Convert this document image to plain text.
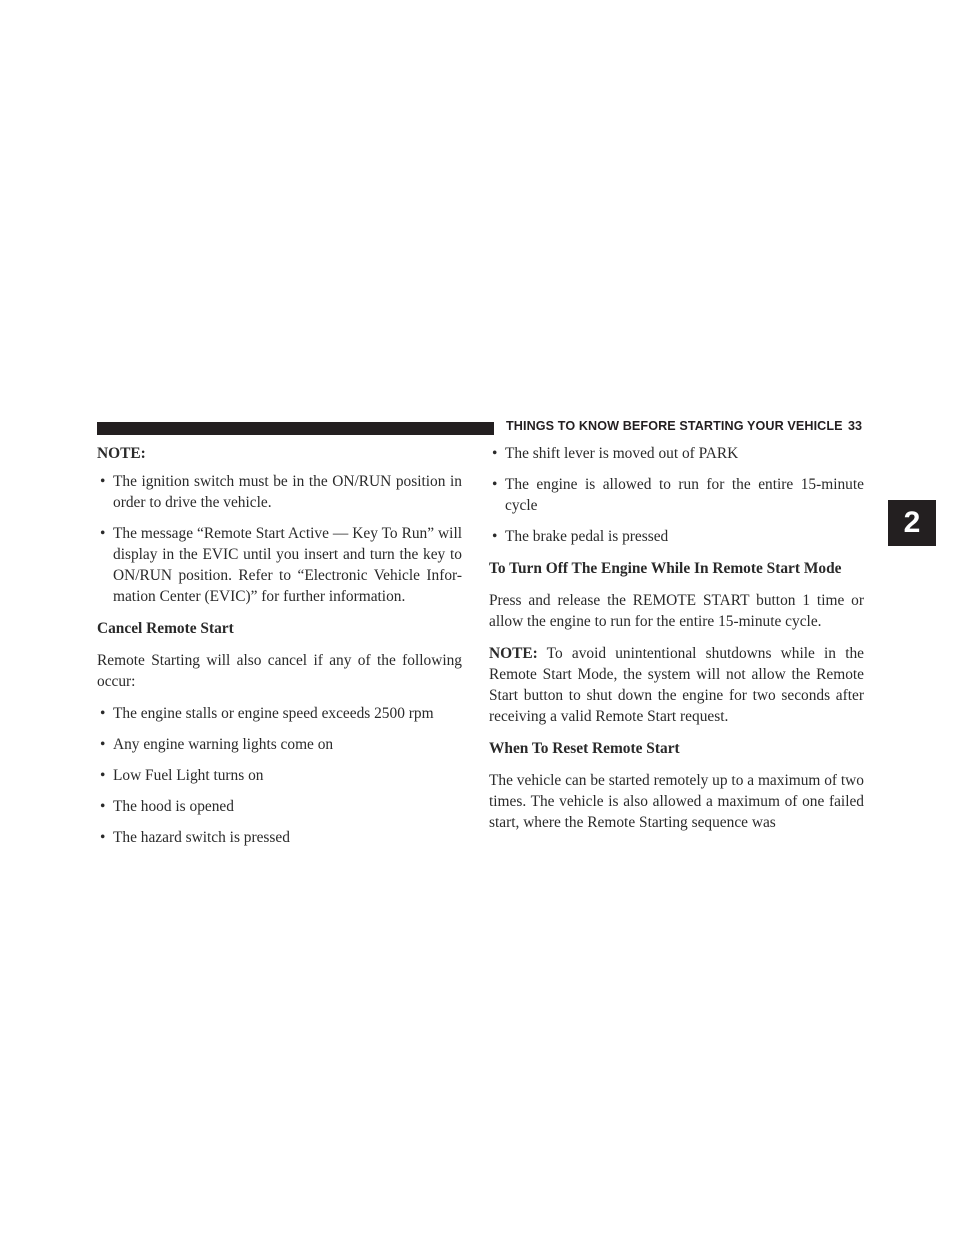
THINGS TO KNOW BEFORE STARTING YOUR VEHICLE 33
2

NOTE:

• The ignition switch must be in the ON/RUN position in order to drive the vehicle.
• The message “Remote Start Active — Key To Run” will display in the EVIC until you insert and turn the key to ON/RUN position. Refer to “Electronic Vehicle Infor-mation Center (EVIC)” for further information.
Cancel Remote Start

Remote Starting will also cancel if any of the following occur:

• The engine stalls or engine speed exceeds 2500 rpm
• Any engine warning lights come on
• Low Fuel Light turns on
• The hood is opened
• The hazard switch is pressed
• The shift lever is moved out of PARK
• The engine is allowed to run for the entire 15-minute cycle
• The brake pedal is pressed
To Turn Off The Engine While In Remote Start Mode

Press and release the REMOTE START button 1 time or allow the engine to run for the entire 15-minute cycle.

NOTE: To avoid unintentional shutdowns while in the Remote Start Mode, the system will not allow the Remote Start button to shut down the engine for two seconds after receiving a valid Remote Start request.

When To Reset Remote Start

The vehicle can be started remotely up to a maximum of two times. The vehicle is also allowed a maximum of one failed start, where the Remote Starting sequence was
